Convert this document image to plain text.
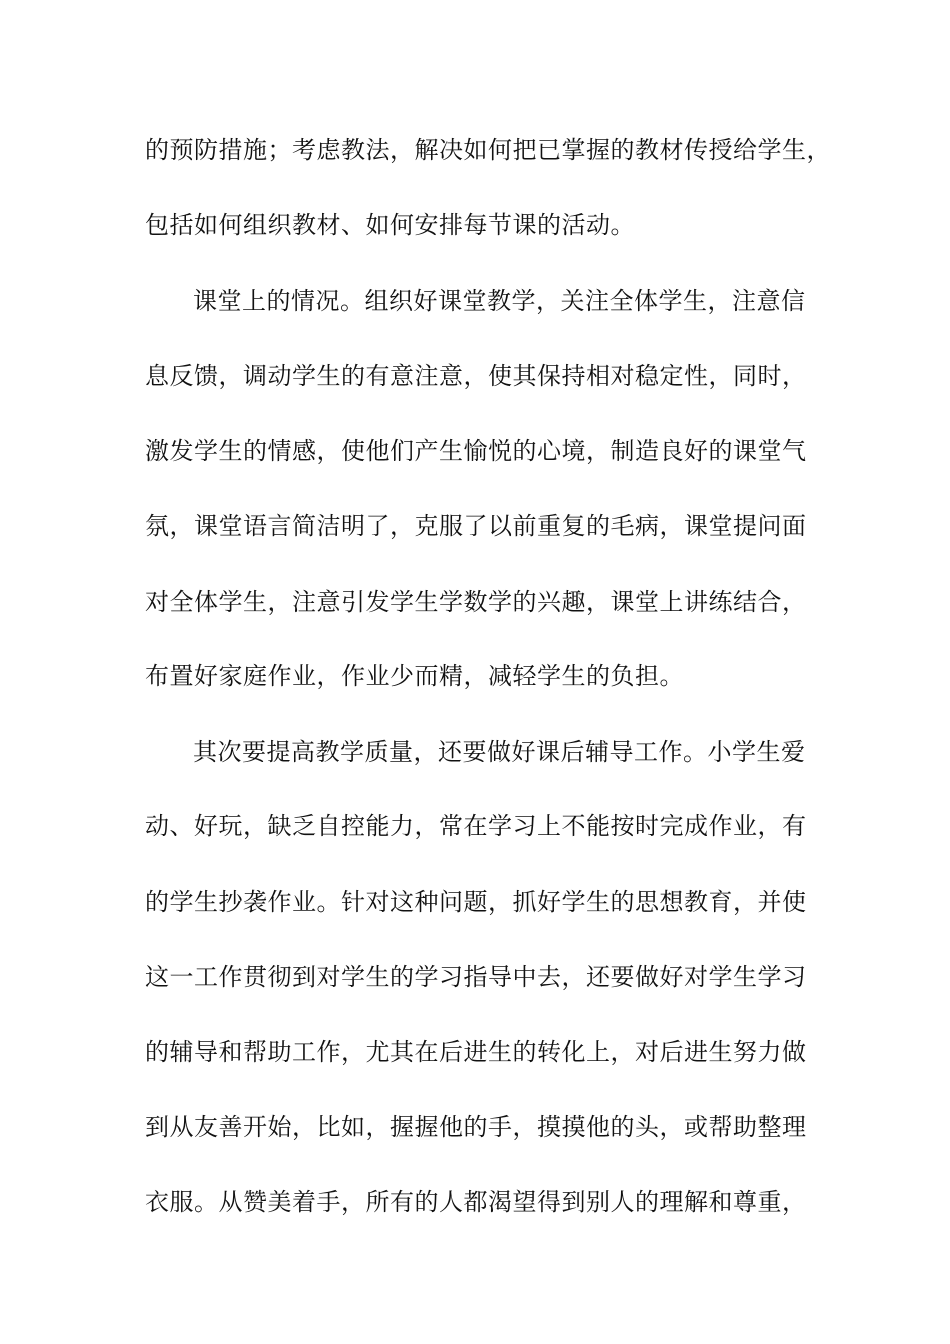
的预防措施；考虑教法，解决如何把已掌握的教材传授给学生，
包括如何组织教材、如何安排每节课的活动。
课堂上的情况。组织好课堂教学，关注全体学生，注意信
息反馈，调动学生的有意注意，使其保持相对稳定性，同时，
激发学生的情感，使他们产生愉悦的心境，制造良好的课堂气
氛，课堂语言简洁明了，克服了以前重复的毛病，课堂提问面
对全体学生，注意引发学生学数学的兴趣，课堂上讲练结合，
布置好家庭作业，作业少而精，减轻学生的负担。
其次要提高教学质量，还要做好课后辅导工作。小学生爱
动、好玩，缺乏自控能力，常在学习上不能按时完成作业，有
的学生抄袭作业。针对这种问题，抓好学生的思想教育，并使
这一工作贯彻到对学生的学习指导中去，还要做好对学生学习
的辅导和帮助工作，尤其在后进生的转化上，对后进生努力做
到从友善开始，比如，握握他的手，摸摸他的头，或帮助整理
衣服。从赞美着手，所有的人都渴望得到别人的理解和尊重，
